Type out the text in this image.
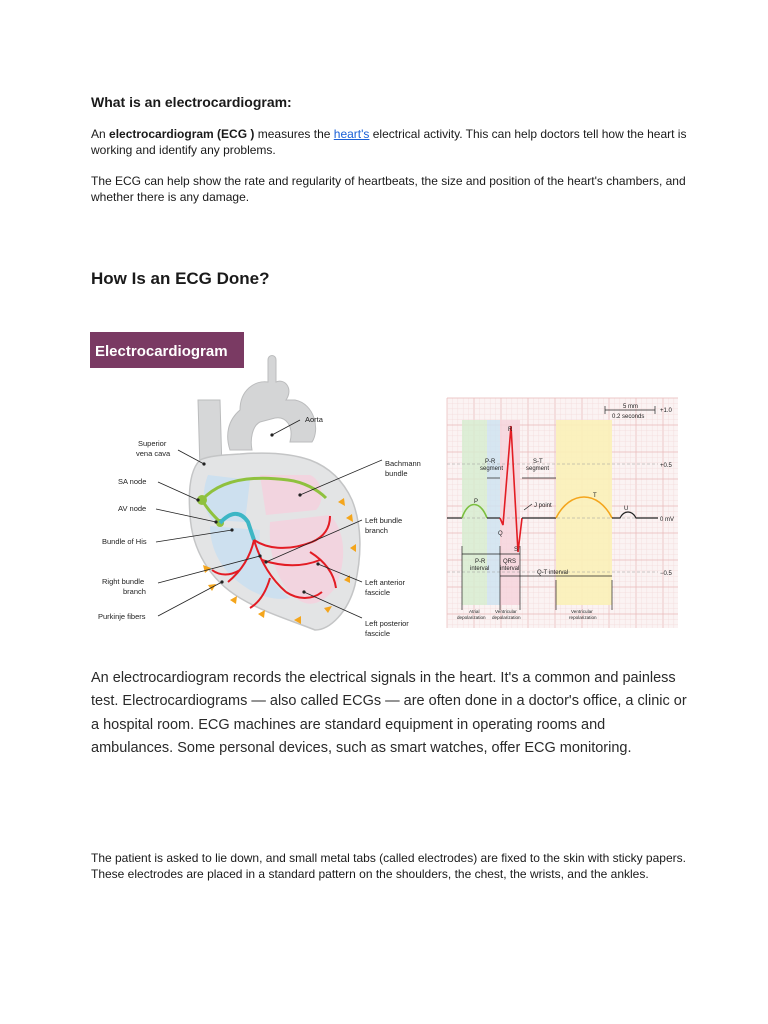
What is an electrocardiogram:

An electrocardiogram (ECG ) measures the heart's electrical activity. This can help doctors tell how the heart is working and identify any problems.

The ECG can help show the rate and regularity of heartbeats, the size and position of the heart's chambers, and whether there is any damage.

How Is an ECG Done?
Electrocardiogram
Aorta
Superior
vena cava
SA node
AV node
Bundle of His
Right bundle
branch
Purkinje fibers
Bachmann
bundle
Left bundle
branch
Left anterior
fascicle
Left posterior
fascicle
5 mm
0.2 seconds
+1.0
+0.5
0 mV
−0.5
P-R
segment
S-T
segment
J point
P
Q
R
S
T
U
P-R
interval
QRS
interval
Q-T interval
Atrial
depolarization
Ventricular
depolarization
Ventricular
repolarization

An electrocardiogram records the electrical signals in the heart. It's a common and painless test. Electrocardiograms — also called ECGs — are often done in a doctor's office, a clinic or a hospital room. ECG machines are standard equipment in operating rooms and ambulances. Some personal devices, such as smart watches, offer ECG monitoring.

The patient is asked to lie down, and small metal tabs (called electrodes) are fixed to the skin with sticky papers. These electrodes are placed in a standard pattern on the shoulders, the chest, the wrists, and the ankles.
